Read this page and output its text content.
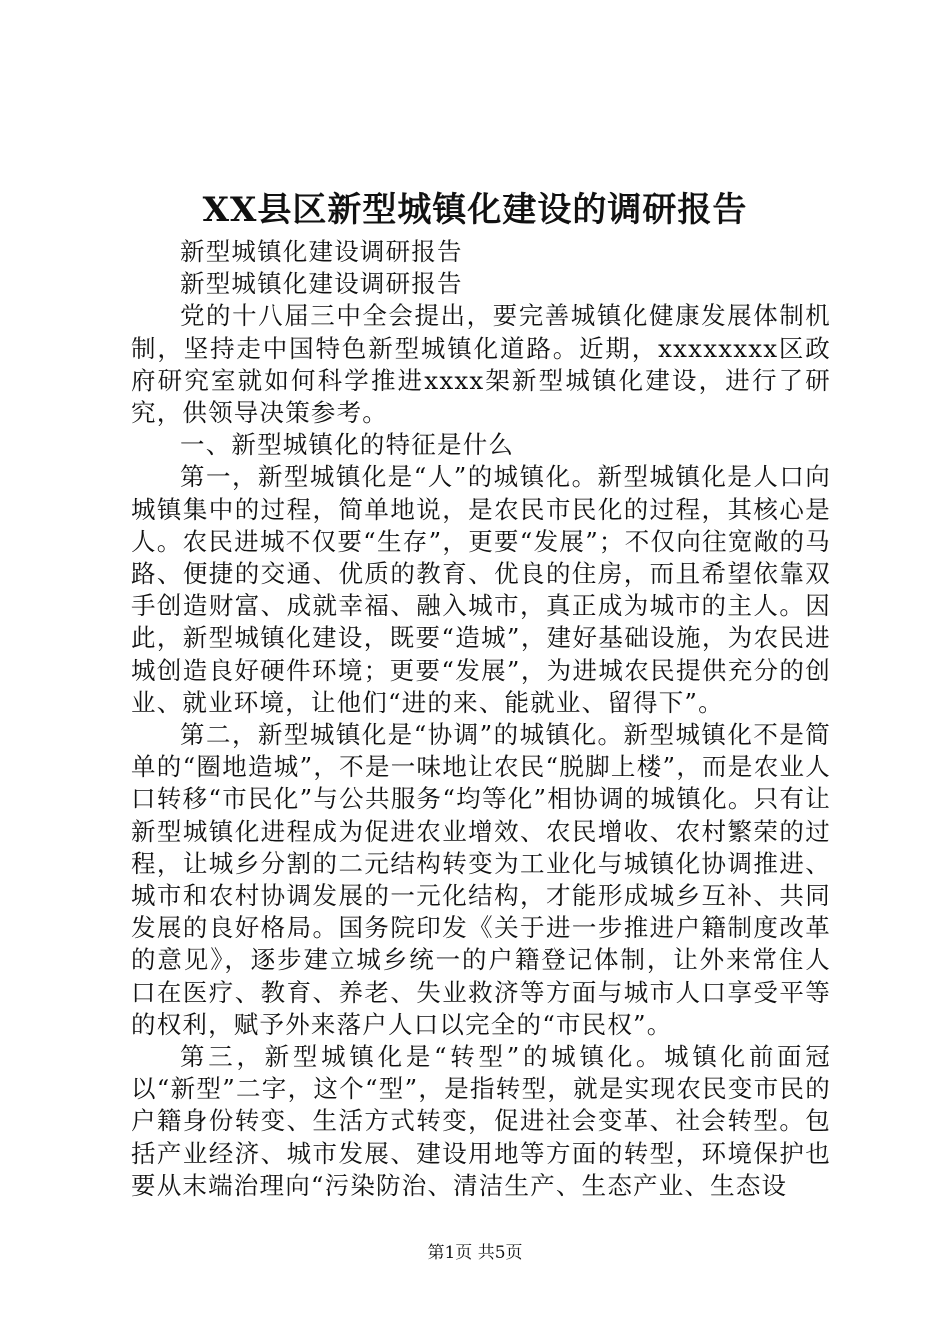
XX县区新型城镇化建设的调研报告

新型城镇化建设调研报告

新型城镇化建设调研报告

党的十八届三中全会提出，要完善城镇化健康发展体制机制，坚持走中国特色新型城镇化道路。近期，xxxxxxxx区政府研究室就如何科学推进xxxx架新型城镇化建设，进行了研究，供领导决策参考。

一、新型城镇化的特征是什么

第一，新型城镇化是“人”的城镇化。新型城镇化是人口向城镇集中的过程，简单地说，是农民市民化的过程，其核心是人。农民进城不仅要“生存”，更要“发展”；不仅向往宽敞的马路、便捷的交通、优质的教育、优良的住房，而且希望依靠双手创造财富、成就幸福、融入城市，真正成为城市的主人。因此，新型城镇化建设，既要“造城”，建好基础设施，为农民进城创造良好硬件环境；更要“发展”，为进城农民提供充分的创业、就业环境，让他们“进的来、能就业、留得下”。

第二，新型城镇化是“协调”的城镇化。新型城镇化不是简单的“圈地造城”，不是一味地让农民“脱脚上楼”，而是农业人口转移“市民化”与公共服务“均等化”相协调的城镇化。只有让新型城镇化进程成为促进农业增效、农民增收、农村繁荣的过程，让城乡分割的二元结构转变为工业化与城镇化协调推进、城市和农村协调发展的一元化结构，才能形成城乡互补、共同发展的良好格局。国务院印发《关于进一步推进户籍制度改革的意见》，逐步建立城乡统一的户籍登记体制，让外来常住人口在医疗、教育、养老、失业救济等方面与城市人口享受平等的权利，赋予外来落户人口以完全的“市民权”。

第三，新型城镇化是“转型”的城镇化。城镇化前面冠以“新型”二字，这个“型”，是指转型，就是实现农民变市民的户籍身份转变、生活方式转变，促进社会变革、社会转型。包括产业经济、城市发展、建设用地等方面的转型，环境保护也要从末端治理向“污染防治、清洁生产、生态产业、生态设

第1页 共5页
